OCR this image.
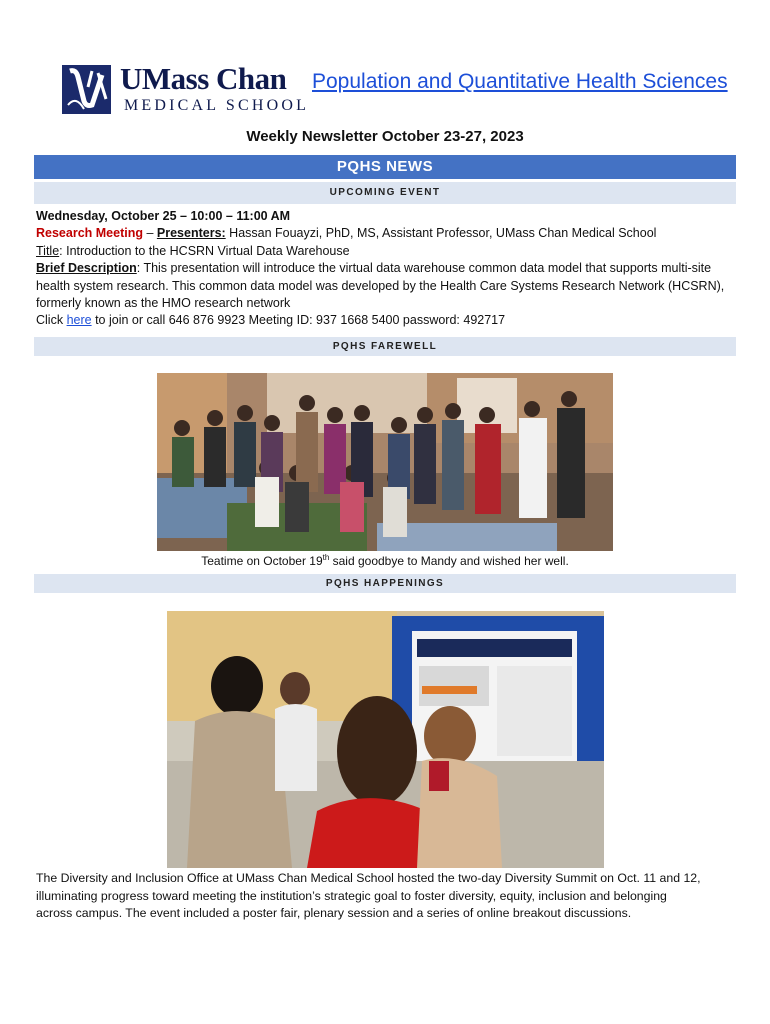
UMass Chan
MEDICAL SCHOOL
Population and Quantitative Health Sciences
Weekly Newsletter October 23-27, 2023
PQHS NEWS
UPCOMING EVENT
Wednesday, October 25 – 10:00 – 11:00 AM
Research Meeting – Presenters: Hassan Fouayzi, PhD, MS, Assistant Professor, UMass Chan Medical School
Title: Introduction to the HCSRN Virtual Data Warehouse
Brief Description: This presentation will introduce the virtual data warehouse common data model that supports multi-site
health system research. This common data model was developed by the Health Care Systems Research Network (HCSRN),
formerly known as the HMO research network
Click here to join or call 646 876 9923 Meeting ID: 937 1668 5400 password: 492717
PQHS FAREWELL
Teatime on October 19th said goodbye to Mandy and wished her well.
PQHS HAPPENINGS
The Diversity and Inclusion Office at UMass Chan Medical School hosted the two-day Diversity Summit on Oct. 11 and 12,
illuminating progress toward meeting the institution’s strategic goal to foster diversity, equity, inclusion and belonging
across campus. The event included a poster fair, plenary session and a series of online breakout discussions.
